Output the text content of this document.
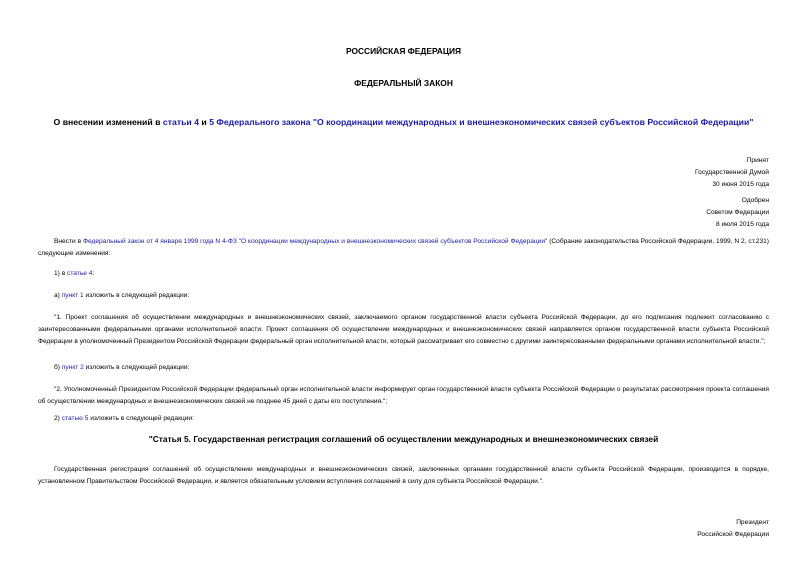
РОССИЙСКАЯ ФЕДЕРАЦИЯ
ФЕДЕРАЛЬНЫЙ ЗАКОН
О внесении изменений в статьи 4 и 5 Федерального закона "О координации международных и внешнеэкономических связей субъектов Российской Федерации"
Принят
Государственной Думой
30 июня 2015 года
Одобрен
Советом Федерации
8 июля 2015 года
Внести в Федеральный закон от 4 января 1999 года N 4-ФЗ "О координации международных и внешнеэкономических связей субъектов Российской Федерации" (Собрание законодательства Российской Федерации, 1999, N 2, ст.231) следующие изменения:
1) в статье 4:
а) пункт 1 изложить в следующей редакции:
"1. Проект соглашения об осуществлении международных и внешнеэкономических связей, заключаемого органом государственной власти субъекта Российской Федерации, до его подписания подлежит согласованию с заинтересованными федеральными органами исполнительной власти. Проект соглашения об осуществлении международных и внешнеэкономических связей направляется органом государственной власти субъекта Российской Федерации в уполномоченный Президентом Российской Федерации федеральный орган исполнительной власти, который рассматривает его совместно с другими заинтересованными федеральными органами исполнительной власти.";
б) пункт 2 изложить в следующей редакции:
"2. Уполномоченный Президентом Российской Федерации федеральный орган исполнительной власти информирует орган государственной власти субъекта Российской Федерации о результатах рассмотрения проекта соглашения об осуществлении международных и внешнеэкономических связей не позднее 45 дней с даты его поступления.";
2) статью 5 изложить в следующей редакции:
"Статья 5. Государственная регистрация соглашений об осуществлении международных и внешнеэкономических связей
Государственная регистрация соглашений об осуществлении международных и внешнеэкономических связей, заключенных органами государственной власти субъекта Российской Федерации, производится в порядке, установленном Правительством Российской Федерации, и является обязательным условием вступления соглашений в силу для субъекта Российской Федерации.".
Президент
Российской Федерации
